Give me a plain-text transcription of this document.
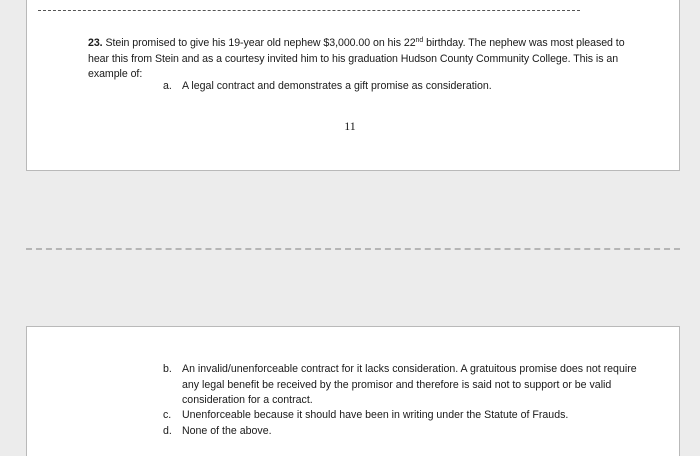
23. Stein promised to give his 19-year old nephew $3,000.00 on his 22nd birthday. The nephew was most pleased to hear this from Stein and as a courtesy invited him to his graduation Hudson County Community College. This is an example of:
a. A legal contract and demonstrates a gift promise as consideration.
11
b. An invalid/unenforceable contract for it lacks consideration. A gratuitous promise does not require any legal benefit be received by the promisor and therefore is said not to support or be valid consideration for a contract.
c. Unenforceable because it should have been in writing under the Statute of Frauds.
d. None of the above.
